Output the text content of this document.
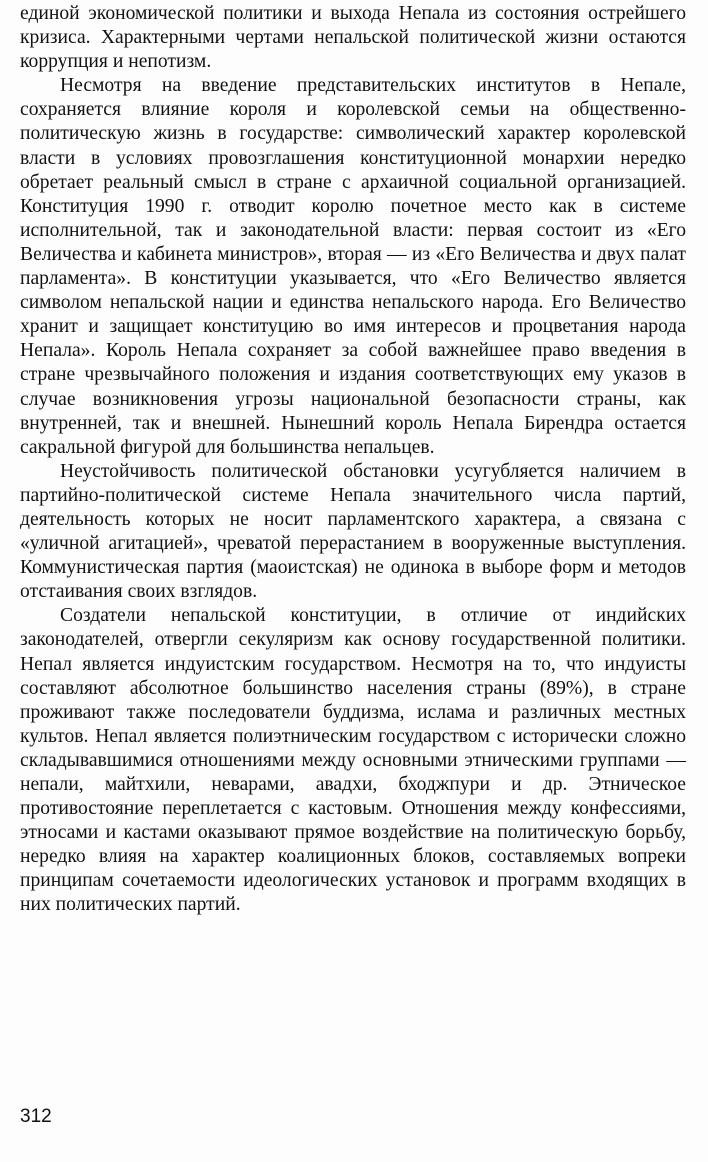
единой экономической политики и выхода Непала из состояния острейшего кризиса. Характерными чертами непальской политической жизни остаются коррупция и непотизм.

Несмотря на введение представительских институтов в Непале, сохраняется влияние короля и королевской семьи на общественно-политическую жизнь в государстве: символический характер королевской власти в условиях провозглашения конституционной монархии нередко обретает реальный смысл в стране с архаичной социальной организацией. Конституция 1990 г. отводит королю почетное место как в системе исполнительной, так и законодательной власти: первая состоит из «Его Величества и кабинета министров», вторая — из «Его Величества и двух палат парламента». В конституции указывается, что «Его Величество является символом непальской нации и единства непальского народа. Его Величество хранит и защищает конституцию во имя интересов и процветания народа Непала». Король Непала сохраняет за собой важнейшее право введения в стране чрезвычайного положения и издания соответствующих ему указов в случае возникновения угрозы национальной безопасности страны, как внутренней, так и внешней. Нынешний король Непала Бирендра остается сакральной фигурой для большинства непальцев.

Неустойчивость политической обстановки усугубляется наличием в партийно-политической системе Непала значительного числа партий, деятельность которых не носит парламентского характера, а связана с «уличной агитацией», чреватой перерастанием в вооруженные выступления. Коммунистическая партия (маоистская) не одинока в выборе форм и методов отстаивания своих взглядов.

Создатели непальской конституции, в отличие от индийских законодателей, отвергли секуляризм как основу государственной политики. Непал является индуистским государством. Несмотря на то, что индуисты составляют абсолютное большинство населения страны (89%), в стране проживают также последователи буддизма, ислама и различных местных культов. Непал является полиэтническим государством с исторически сложно складывавшимися отношениями между основными этническими группами — непали, майтхили, неварами, авадхи, бходжпури и др. Этническое противостояние переплетается с кастовым. Отношения между конфессиями, этносами и кастами оказывают прямое воздействие на политическую борьбу, нередко влияя на характер коалиционных блоков, составляемых вопреки принципам сочетаемости идеологических установок и программ входящих в них политических партий.

312
